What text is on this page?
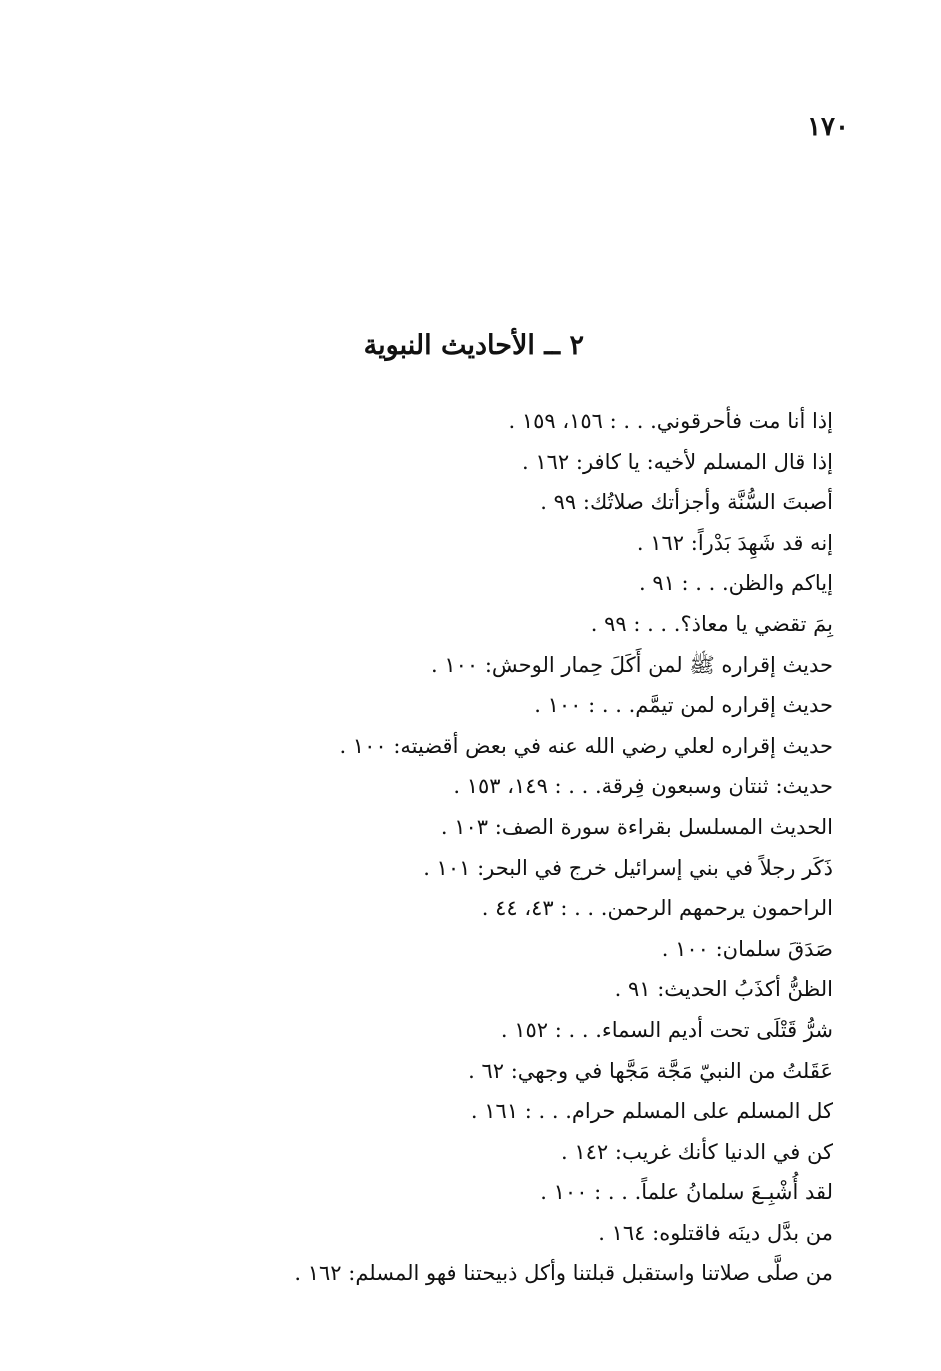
١٧٠
٢ ــ الأحاديث النبوية
إذا أنا مت فأحرقوني. . . : ١٥٦، ١٥٩ .
إذا قال المسلم لأخيه: يا كافر: ١٦٢ .
أصبتَ السُّنَّة وأجزأتك صلاتُك: ٩٩ .
إنه قد شَهِدَ بَدْراً: ١٦٢ .
إياكم والظن. . . : ٩١ .
بِمَ تقضي يا معاذ؟. . . : ٩٩ .
حديث إقراره ﷺ لمن أَكَلَ حِمار الوحش: ١٠٠ .
حديث إقراره لمن تيمَّم. . . : ١٠٠ .
حديث إقراره لعلي رضي الله عنه في بعض أقضيته: ١٠٠ .
حديث: ثنتان وسبعون فِرقة. . . : ١٤٩، ١٥٣ .
الحديث المسلسل بقراءة سورة الصف: ١٠٣ .
ذَكَر رجلاً في بني إسرائيل خرج في البحر: ١٠١ .
الراحمون يرحمهم الرحمن. . . : ٤٣، ٤٤ .
صَدَقَ سلمان: ١٠٠ .
الظنُّ أكذَبُ الحديث: ٩١ .
شرُّ قَتْلَى تحت أديم السماء. . . : ١٥٢ .
عَقَلتُ من النبيّ مَجَّة مَجَّها في وجهي: ٦٢ .
كل المسلم على المسلم حرام. . . : ١٦١ .
كن في الدنيا كأنك غريب: ١٤٢ .
لقد أُشْبِـعَ سلمانُ علماً. . . : ١٠٠ .
من بدَّل دينَه فاقتلوه: ١٦٤ .
من صلَّى صلاتنا واستقبل قبلتنا وأكل ذبيحتنا فهو المسلم: ١٦٢ .
